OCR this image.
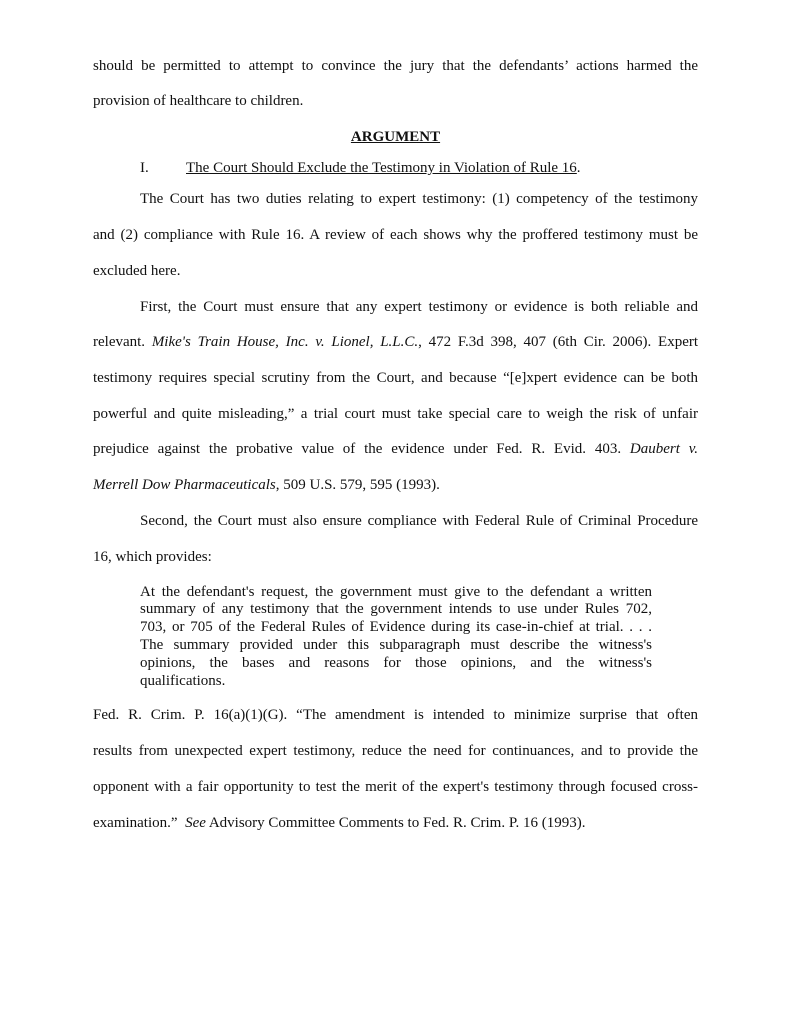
should be permitted to attempt to convince the jury that the defendants’ actions harmed the
provision of healthcare to children.
ARGUMENT
I. The Court Should Exclude the Testimony in Violation of Rule 16.
The Court has two duties relating to expert testimony: (1) competency of the testimony
and (2) compliance with Rule 16. A review of each shows why the proffered testimony must be
excluded here.
First, the Court must ensure that any expert testimony or evidence is both reliable and
relevant. Mike's Train House, Inc. v. Lionel, L.L.C., 472 F.3d 398, 407 (6th Cir. 2006). Expert
testimony requires special scrutiny from the Court, and because “[e]xpert evidence can be both
powerful and quite misleading,” a trial court must take special care to weigh the risk of unfair
prejudice against the probative value of the evidence under Fed. R. Evid. 403. Daubert v.
Merrell Dow Pharmaceuticals, 509 U.S. 579, 595 (1993).
Second, the Court must also ensure compliance with Federal Rule of Criminal Procedure
16, which provides:
At the defendant's request, the government must give to the defendant a written
summary of any testimony that the government intends to use under Rules 702,
703, or 705 of the Federal Rules of Evidence during its case-in-chief at trial. . . .
The summary provided under this subparagraph must describe the witness's
opinions, the bases and reasons for those opinions, and the witness's
qualifications.
Fed. R. Crim. P. 16(a)(1)(G). “The amendment is intended to minimize surprise that often
results from unexpected expert testimony, reduce the need for continuances, and to provide the
opponent with a fair opportunity to test the merit of the expert's testimony through focused cross-
examination.”  See Advisory Committee Comments to Fed. R. Crim. P. 16 (1993).
